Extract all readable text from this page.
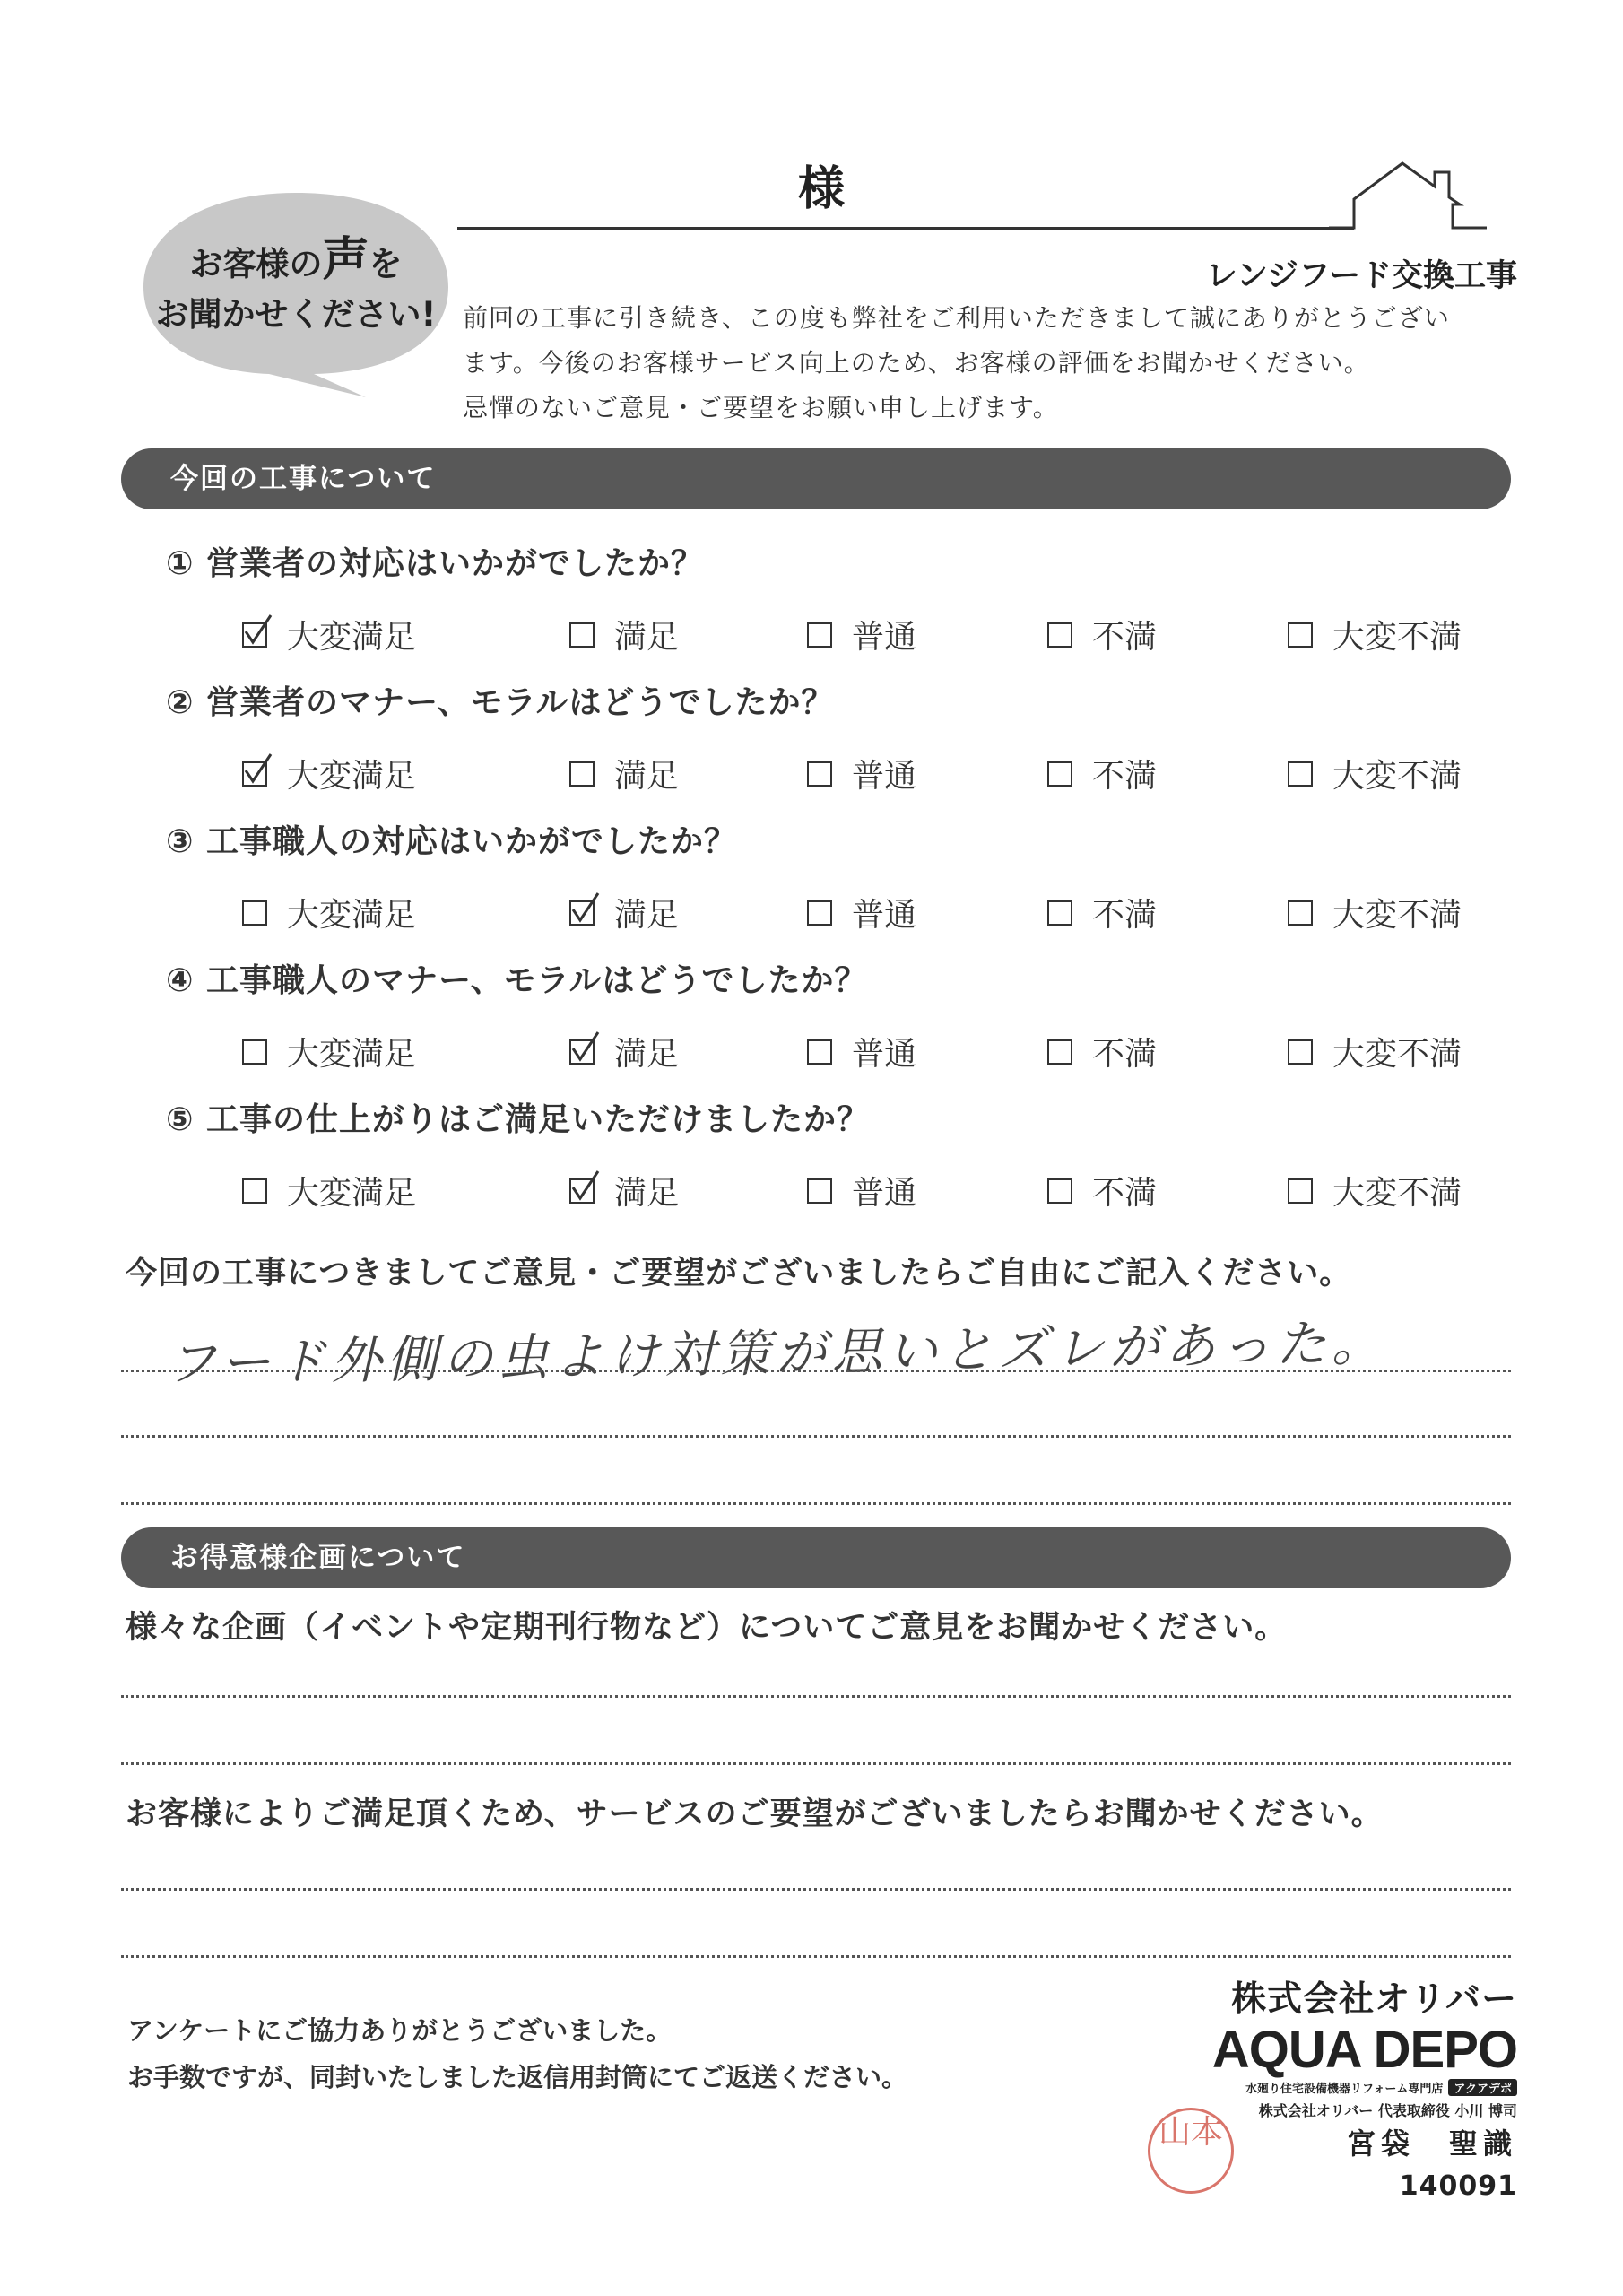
様
お客様の声を
お聞かせください!
レンジフード交換工事
前回の工事に引き続き、この度も弊社をご利用いただきまして誠にありがとうござい
ます。今後のお客様サービス向上のため、お客様の評価をお聞かせください。
忌憚のないご意見・ご要望をお願い申し上げます。
今回の工事について
① 営業者の対応はいかがでしたか？
大変満足	満足	普通	不満	大変不満
② 営業者のマナー、モラルはどうでしたか？
大変満足	満足	普通	不満	大変不満
③ 工事職人の対応はいかがでしたか？
大変満足	満足	普通	不満	大変不満
④ 工事職人のマナー、モラルはどうでしたか？
大変満足	満足	普通	不満	大変不満
⑤ 工事の仕上がりはご満足いただけましたか？
大変満足	満足	普通	不満	大変不満
今回の工事につきましてご意見・ご要望がございましたらご自由にご記入ください。
フード外側の虫よけ対策が思いとズレがあった。
お得意様企画について
様々な企画（イベントや定期刊行物など）についてご意見をお聞かせください。
お客様によりご満足頂くため、サービスのご要望がございましたらお聞かせください。
アンケートにご協力ありがとうございました。
お手数ですが、同封いたしました返信用封筒にてご返送ください。
株式会社オリバー
AQUA DEPO
水廻り住宅設備機器リフォーム専門店 アクアデポ
株式会社オリバー 代表取締役 小川 博司
山本	宮袋　聖識
140091
